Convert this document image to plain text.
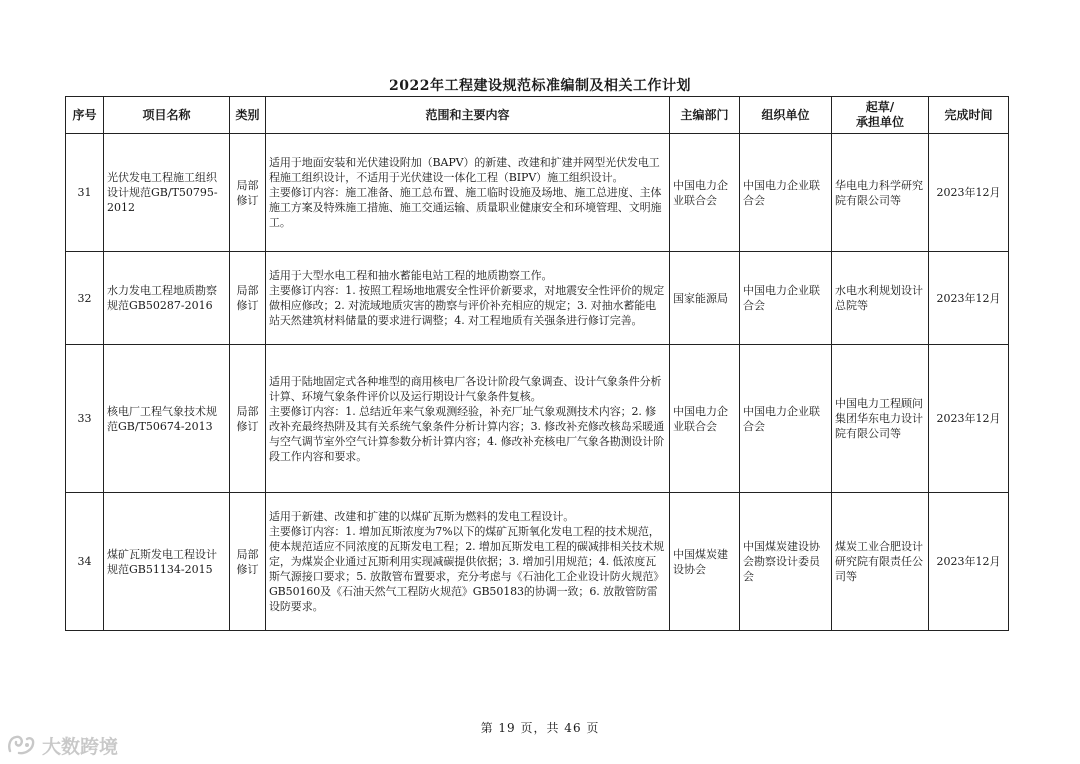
2022年工程建设规范标准编制及相关工作计划
序号	项目名称	类别	范围和主要内容	主编部门	组织单位	起草/
承担单位	完成时间
31	光伏发电工程施工组织设计规范GB/T50795-2012	局部修订	适用于地面安装和光伏建设附加（BAPV）的新建、改建和扩建并网型光伏发电工程施工组织设计，不适用于光伏建设一体化工程（BIPV）施工组织设计。
主要修订内容：施工准备、施工总布置、施工临时设施及场地、施工总进度、主体施工方案及特殊施工措施、施工交通运输、质量职业健康安全和环境管理、文明施工。	中国电力企业联合会	中国电力企业联合会	华电电力科学研究院有限公司等	2023年12月
32	水力发电工程地质勘察规范GB50287-2016	局部修订	适用于大型水电工程和抽水蓄能电站工程的地质勘察工作。
主要修订内容：1. 按照工程场地地震安全性评价新要求，对地震安全性评价的规定做相应修改；2. 对流域地质灾害的勘察与评价补充相应的规定；3. 对抽水蓄能电站天然建筑材料储量的要求进行调整；4. 对工程地质有关强条进行修订完善。	国家能源局	中国电力企业联合会	水电水利规划设计总院等	2023年12月
33	核电厂工程气象技术规范GB/T50674-2013	局部修订	适用于陆地固定式各种堆型的商用核电厂各设计阶段气象调查、设计气象条件分析计算、环境气象条件评价以及运行期设计气象条件复核。
主要修订内容：1. 总结近年来气象观测经验，补充厂址气象观测技术内容；2. 修改补充最终热阱及其有关系统气象条件分析计算内容；3. 修改补充修改核岛采暖通与空气调节室外空气计算参数分析计算内容；4. 修改补充核电厂气象各勘测设计阶段工作内容和要求。	中国电力企业联合会	中国电力企业联合会	中国电力工程顾问集团华东电力设计院有限公司等	2023年12月
34	煤矿瓦斯发电工程设计规范GB51134-2015	局部修订	适用于新建、改建和扩建的以煤矿瓦斯为燃料的发电工程设计。
主要修订内容：1. 增加瓦斯浓度为7%以下的煤矿瓦斯氧化发电工程的技术规范，使本规范适应不同浓度的瓦斯发电工程；2. 增加瓦斯发电工程的碳减排相关技术规定，为煤炭企业通过瓦斯利用实现减碳提供依据；3. 增加引用规范；4. 低浓度瓦斯气源接口要求；5. 放散管布置要求，充分考虑与《石油化工企业设计防火规范》GB50160及《石油天然气工程防火规范》GB50183的协调一致；6. 放散管防雷设防要求。	中国煤炭建设协会	中国煤炭建设协会勘察设计委员会	煤炭工业合肥设计研究院有限责任公司等	2023年12月
第 19 页，共 46 页
大数跨境
